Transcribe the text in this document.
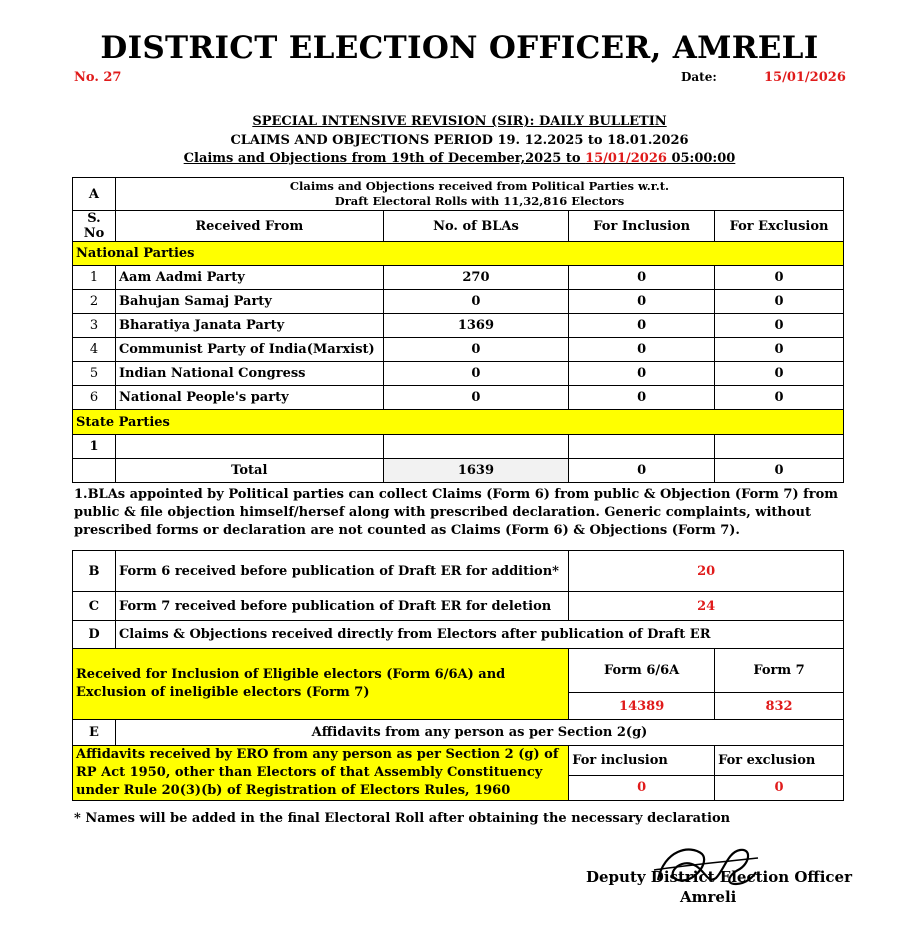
DISTRICT ELECTION OFFICER, AMRELI
No. 27	Date:	15/01/2026
SPECIAL INTENSIVE REVISION (SIR): DAILY BULLETIN
CLAIMS AND OBJECTIONS PERIOD 19. 12.2025 to 18.01.2026
Claims and Objections from 19th of December,2025 to 15/01/2026 05:00:00
A	Claims and Objections received from Political Parties w.r.t.
Draft Electoral Rolls with 11,32,816 Electors			

S. No	Received From	No. of BLAs	For Inclusion	For Exclusion
National Parties				
1	Aam Aadmi Party	270	0	0
2	Bahujan Samaj Party	0	0	0
3	Bharatiya Janata Party	1369	0	0
4	Communist Party of India(Marxist)	0	0	0
5	Indian National Congress	0	0	0
6	National People's party	0	0	0
State Parties				
1				
	Total	1639	0	0
1.BLAs appointed by Political parties can collect Claims (Form 6) from public & Objection (Form 7) from public & file objection himself/hersef along with prescribed declaration. Generic complaints, without prescribed forms or declaration are not counted as Claims (Form 6) & Objections (Form 7).
B	Form 6 received before publication of Draft ER for addition*	20	
C	Form 7 received before publication of Draft ER for deletion	24	
D	Claims & Objections received directly from Electors after publication of Draft ER		
Received for Inclusion of Eligible electors (Form 6/6A) and Exclusion of ineligible electors (Form 7)		Form 6/6A	Form 7
		14389	832
E	Affidavits from any person as per Section 2(g)		
Affidavits received by ERO from any person as per Section 2 (g) of RP Act 1950, other than Electors of that Assembly Constituency under Rule 20(3)(b) of Registration of Electors Rules, 1960		For inclusion	For exclusion
		0	0
* Names will be added in the final Electoral Roll after obtaining the necessary declaration
Deputy District Election Officer
Amreli
